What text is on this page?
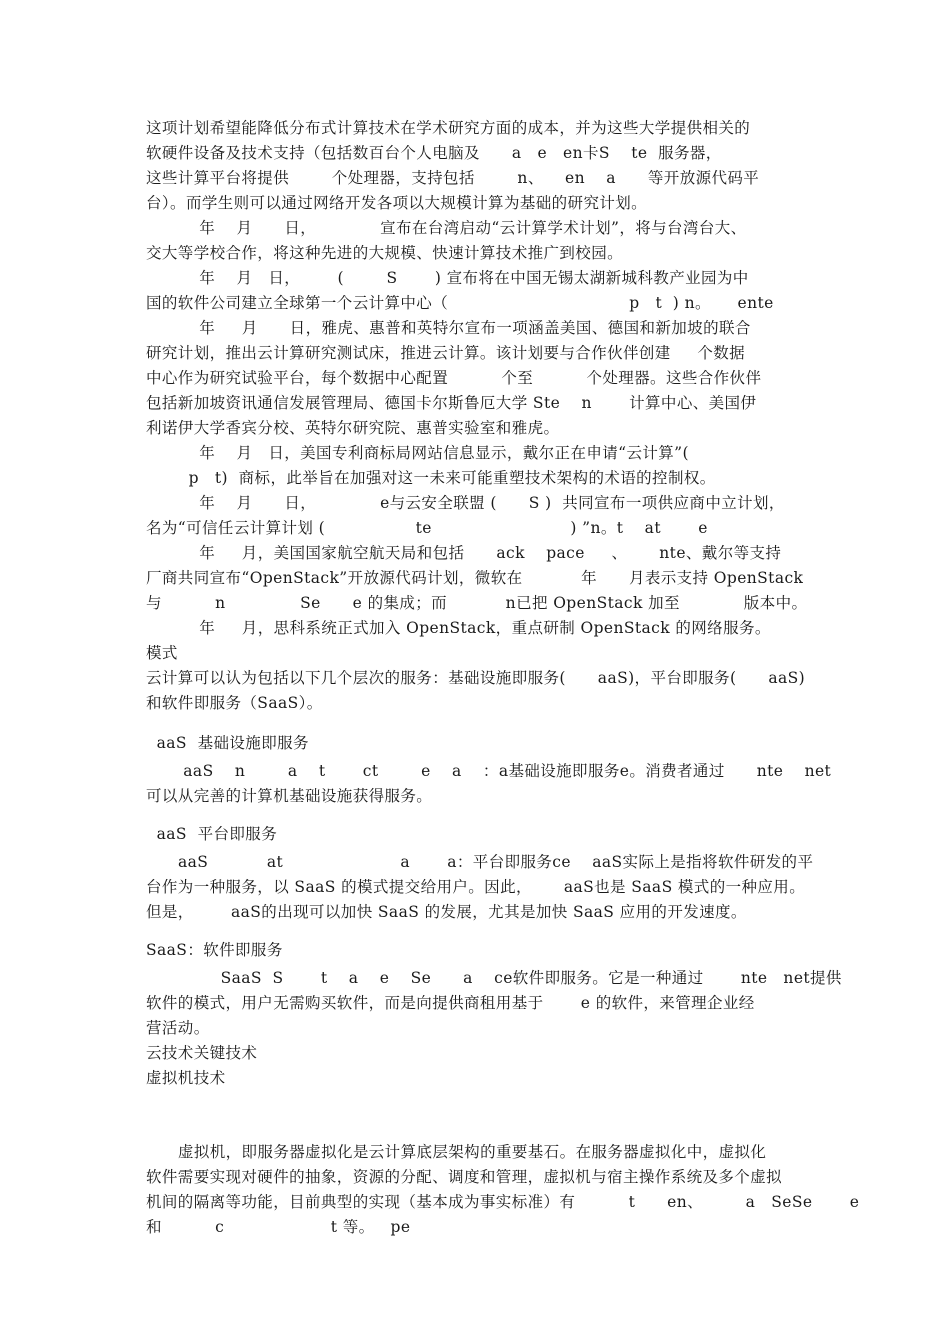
这项计划希望能降低分布式计算技术在学术研究方面的成本，并为这些大学提供相关的
软硬件设备及技术支持（包括数百台个人电脑及      a   e   en卡S    te  服务器，
这些计算平台将提供        个处理器，支持包括        n、    en    a      等开放源代码平
台）。而学生则可以通过网络开发各项以大规模计算为基础的研究计划。
年    月      日，            宣布在台湾启动“云计算学术计划”，将与台湾台大、
交大等学校合作，将这种先进的大规模、快速计算技术推广到校园。
年    月   日，       (        S       ) 宣布将在中国无锡太湖新城科教产业园为中
国的软件公司建立全球第一个云计算中心（                                  p   t  ) n。     ente
年     月      日，雅虎、惠普和英特尔宣布一项涵盖美国、德国和新加坡的联合
研究计划，推出云计算研究测试床，推进云计算。该计划要与合作伙伴创建     个数据
中心作为研究试验平台，每个数据中心配置          个至          个处理器。这些合作伙伴
包括新加坡资讯通信发展管理局、德国卡尔斯鲁厄大学 Ste    n       计算中心、美国伊
利诺伊大学香宾分校、英特尔研究院、惠普实验室和雅虎。
年    月   日，美国专利商标局网站信息显示，戴尔正在申请“云计算”(
p   t)  商标，此举旨在加强对这一未来可能重塑技术架构的术语的控制权。
年    月      日，            e与云安全联盟 (      S )  共同宣布一项供应商中立计划，
名为“可信任云计算计划 (                 te                          ) ”n。t    at       e
年     月，美国国家航空航天局和包括      ack    pace     、      nte、戴尔等支持
厂商共同宣布“OpenStack”开放源代码计划，微软在           年      月表示支持 OpenStack
与          n              Se      e 的集成；而           n已把 OpenStack 加至            版本中。
年     月，思科系统正式加入 OpenStack，重点研制 OpenStack 的网络服务。
模式
云计算可以认为包括以下几个层次的服务：基础设施即服务(      aaS)，平台即服务(      aaS)
和软件即服务（SaaS）。
aaS  基础设施即服务
aaS    n        a    t       ct        e    a    ：a基础设施即服务e。消费者通过      nte    net
可以从完善的计算机基础设施获得服务。
aaS  平台即服务
aaS           at                      a       a：平台即服务ce    aaS实际上是指将软件研发的平
台作为一种服务，以 SaaS 的模式提交给用户。因此，      aaS也是 SaaS 模式的一种应用。
但是，       aaS的出现可以加快 SaaS 的发展，尤其是加快 SaaS 应用的开发速度。
SaaS：软件即服务
SaaS  S       t    a    e    Se      a    ce软件即服务。它是一种通过       nte   net提供
软件的模式，用户无需购买软件，而是向提供商租用基于       e 的软件，来管理企业经
营活动。
云技术关键技术
虚拟机技术
虚拟机，即服务器虚拟化是云计算底层架构的重要基石。在服务器虚拟化中，虚拟化
软件需要实现对硬件的抽象，资源的分配、调度和管理，虚拟机与宿主操作系统及多个虚拟
机间的隔离等功能，目前典型的实现（基本成为事实标准）有          t      en、        a   SeSe       e
和          c                    t 等。   pe
